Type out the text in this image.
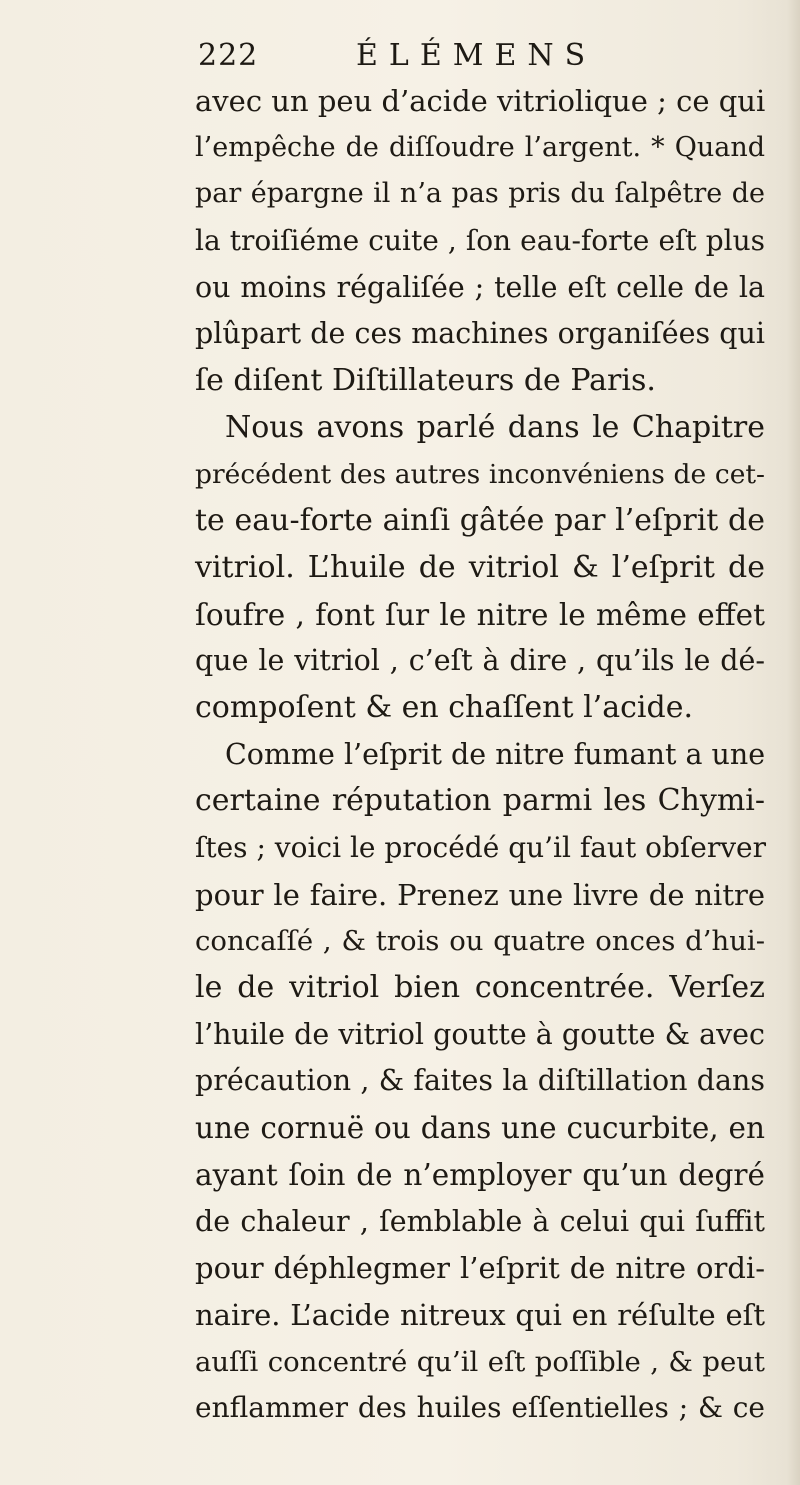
222	ÉLÉMENS
avec un peu d’acide vitriolique ; ce qui
l’empêche de diſſoudre l’argent. * Quand
par épargne il n’a pas pris du ſalpêtre de
la troiſiéme cuite , ſon eau-forte eſt plus
ou moins régaliſée ; telle eſt celle de la
plûpart de ces machines organiſées qui
ſe diſent Diſtillateurs de Paris.
Nous avons parlé dans le Chapitre
précédent des autres inconvéniens de cet-
te eau-forte ainſi gâtée par l’eſprit de
vitriol. L’huile de vitriol & l’eſprit de
ſoufre , font ſur le nitre le même effet
que le vitriol , c’eſt à dire , qu’ils le dé-
compoſent & en chaſſent l’acide.
Comme l’eſprit de nitre fumant a une
certaine réputation parmi les Chymi-
ſtes ; voici le procédé qu’il faut obſerver
pour le faire. Prenez une livre de nitre
concaſſé , & trois ou quatre onces d’hui-
le de vitriol bien concentrée. Verſez
l’huile de vitriol goutte à goutte & avec
précaution , & faites la diſtillation dans
une cornuë ou dans une cucurbite, en
ayant ſoin de n’employer qu’un degré
de chaleur , ſemblable à celui qui ſuffit
pour déphlegmer l’eſprit de nitre ordi-
naire. L’acide nitreux qui en réſulte eſt
auſſi concentré qu’il eſt poſſible , & peut
enflammer des huiles eſſentielles ; & ce
